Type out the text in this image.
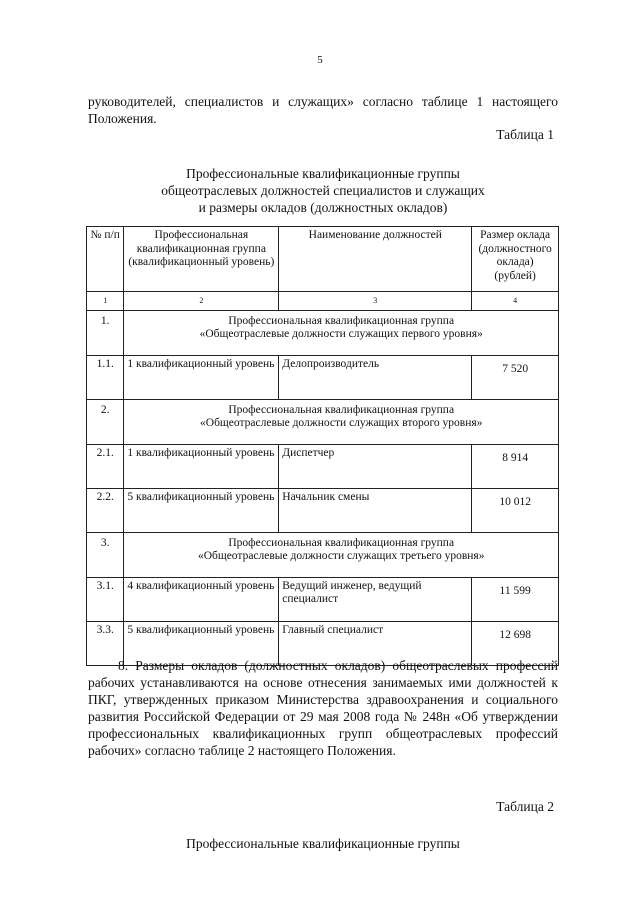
5
руководителей, специалистов и служащих» согласно таблице 1 настоящего Положения.
Таблица 1
Профессиональные квалификационные группы
общеотраслевых должностей специалистов и служащих
и размеры окладов (должностных окладов)
№ п/п	Профессиональная квалификационная группа (квалификационный уровень)	Наименование должностей	Размер оклада (должностного оклада) (рублей)
1	2	3	4
1.	Профессиональная квалификационная группа
«Общеотраслевые должности служащих первого уровня»		

1.1.	1 квалификационный уровень	Делопроизводитель	7 520
2.	Профессиональная квалификационная группа
«Общеотраслевые должности служащих второго уровня»		

2.1.	1 квалификационный уровень	Диспетчер	8 914
2.2.	5 квалификационный уровень	Начальник смены	10 012
3.	Профессиональная квалификационная группа
«Общеотраслевые должности служащих третьего уровня»		

3.1.	4 квалификационный уровень	Ведущий инженер, ведущий специалист	11 599
3.3.	5 квалификационный уровень	Главный специалист	12 698
8. Размеры окладов (должностных окладов) общеотраслевых профессий рабочих устанавливаются на основе отнесения занимаемых ими должностей к ПКГ, утвержденных приказом Министерства здравоохранения и социального развития Российской Федерации от 29 мая 2008 года № 248н «Об утверждении профессиональных квалификационных групп общеотраслевых профессий рабочих» согласно таблице 2 настоящего Положения.
Таблица 2
Профессиональные квалификационные группы
